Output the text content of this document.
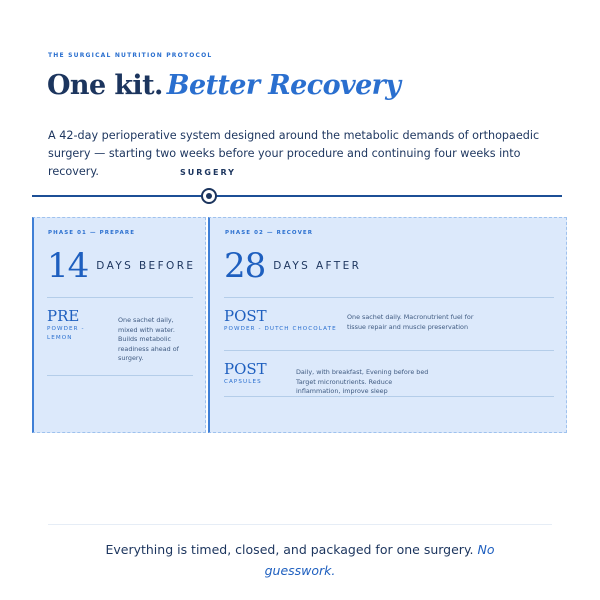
THE SURGICAL NUTRITION PROTOCOL
One kit. Better Recovery

A 42-day perioperative system designed around the metabolic demands of orthopaedic surgery — starting two weeks before your procedure and continuing four weeks into recovery.	SURGERY
PHASE 01 — PREPARE
14 DAYS BEFORE
PRE
POWDER - LEMON
One sachet daily, mixed with water. Builds metabolic readiness ahead of surgery.
PHASE 02 — RECOVER
28 DAYS AFTER
POST
POWDER - DUTCH CHOCOLATE
One sachet daily. Macronutrient fuel for tissue repair and muscle preservation
POST
CAPSULES
Daily, with breakfast, Evening before bed Target micronutrients. Reduce inflammation, improve sleep

Everything is timed, closed, and packaged for one surgery. No guesswork.
